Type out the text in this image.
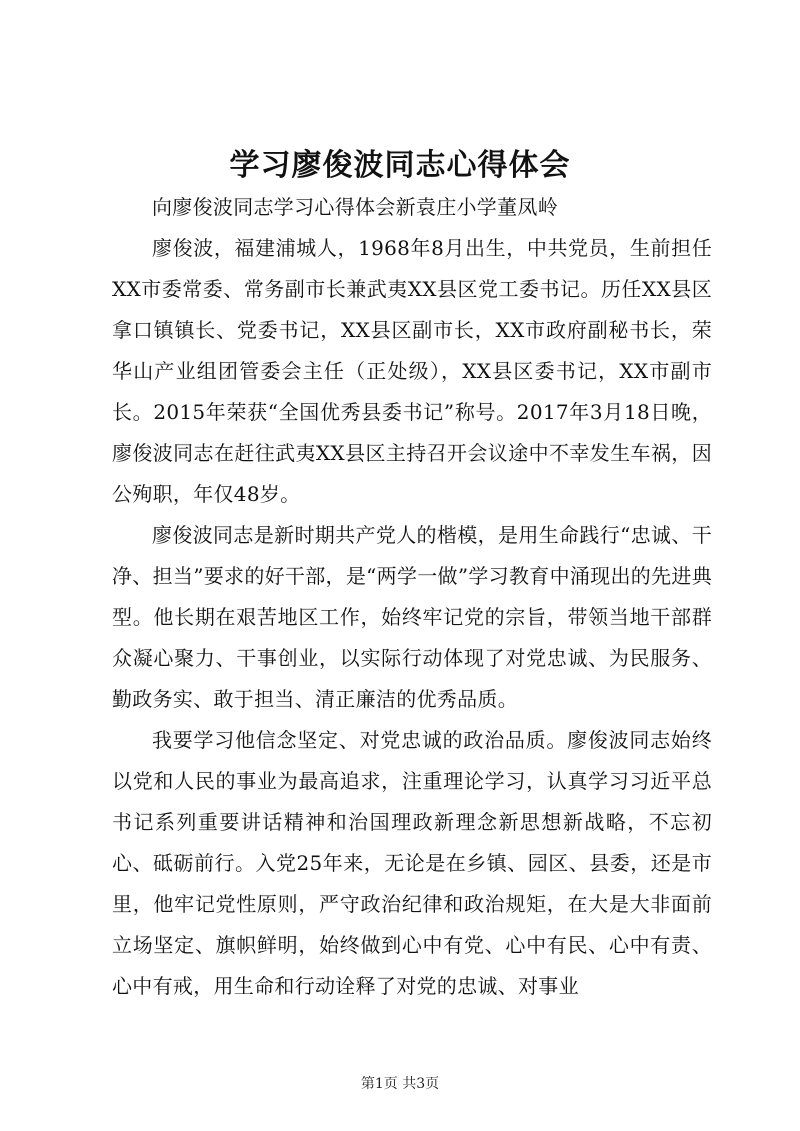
学习廖俊波同志心得体会

向廖俊波同志学习心得体会新袁庄小学董凤岭

廖俊波，福建浦城人，1968年8月出生，中共党员，生前担任XX市委常委、常务副市长兼武夷XX县区党工委书记。历任XX县区拿口镇镇长、党委书记，XX县区副市长，XX市政府副秘书长，荣华山产业组团管委会主任（正处级），XX县区委书记，XX市副市长。2015年荣获“全国优秀县委书记”称号。2017年3月18日晚，廖俊波同志在赶往武夷XX县区主持召开会议途中不幸发生车祸，因公殉职，年仅48岁。

廖俊波同志是新时期共产党人的楷模，是用生命践行“忠诚、干净、担当”要求的好干部，是“两学一做”学习教育中涌现出的先进典型。他长期在艰苦地区工作，始终牢记党的宗旨，带领当地干部群众凝心聚力、干事创业，以实际行动体现了对党忠诚、为民服务、勤政务实、敢于担当、清正廉洁的优秀品质。

我要学习他信念坚定、对党忠诚的政治品质。廖俊波同志始终以党和人民的事业为最高追求，注重理论学习，认真学习习近平总书记系列重要讲话精神和治国理政新理念新思想新战略，不忘初心、砥砺前行。入党25年来，无论是在乡镇、园区、县委，还是市里，他牢记党性原则，严守政治纪律和政治规矩，在大是大非面前立场坚定、旗帜鲜明，始终做到心中有党、心中有民、心中有责、心中有戒，用生命和行动诠释了对党的忠诚、对事业

第1页 共3页
